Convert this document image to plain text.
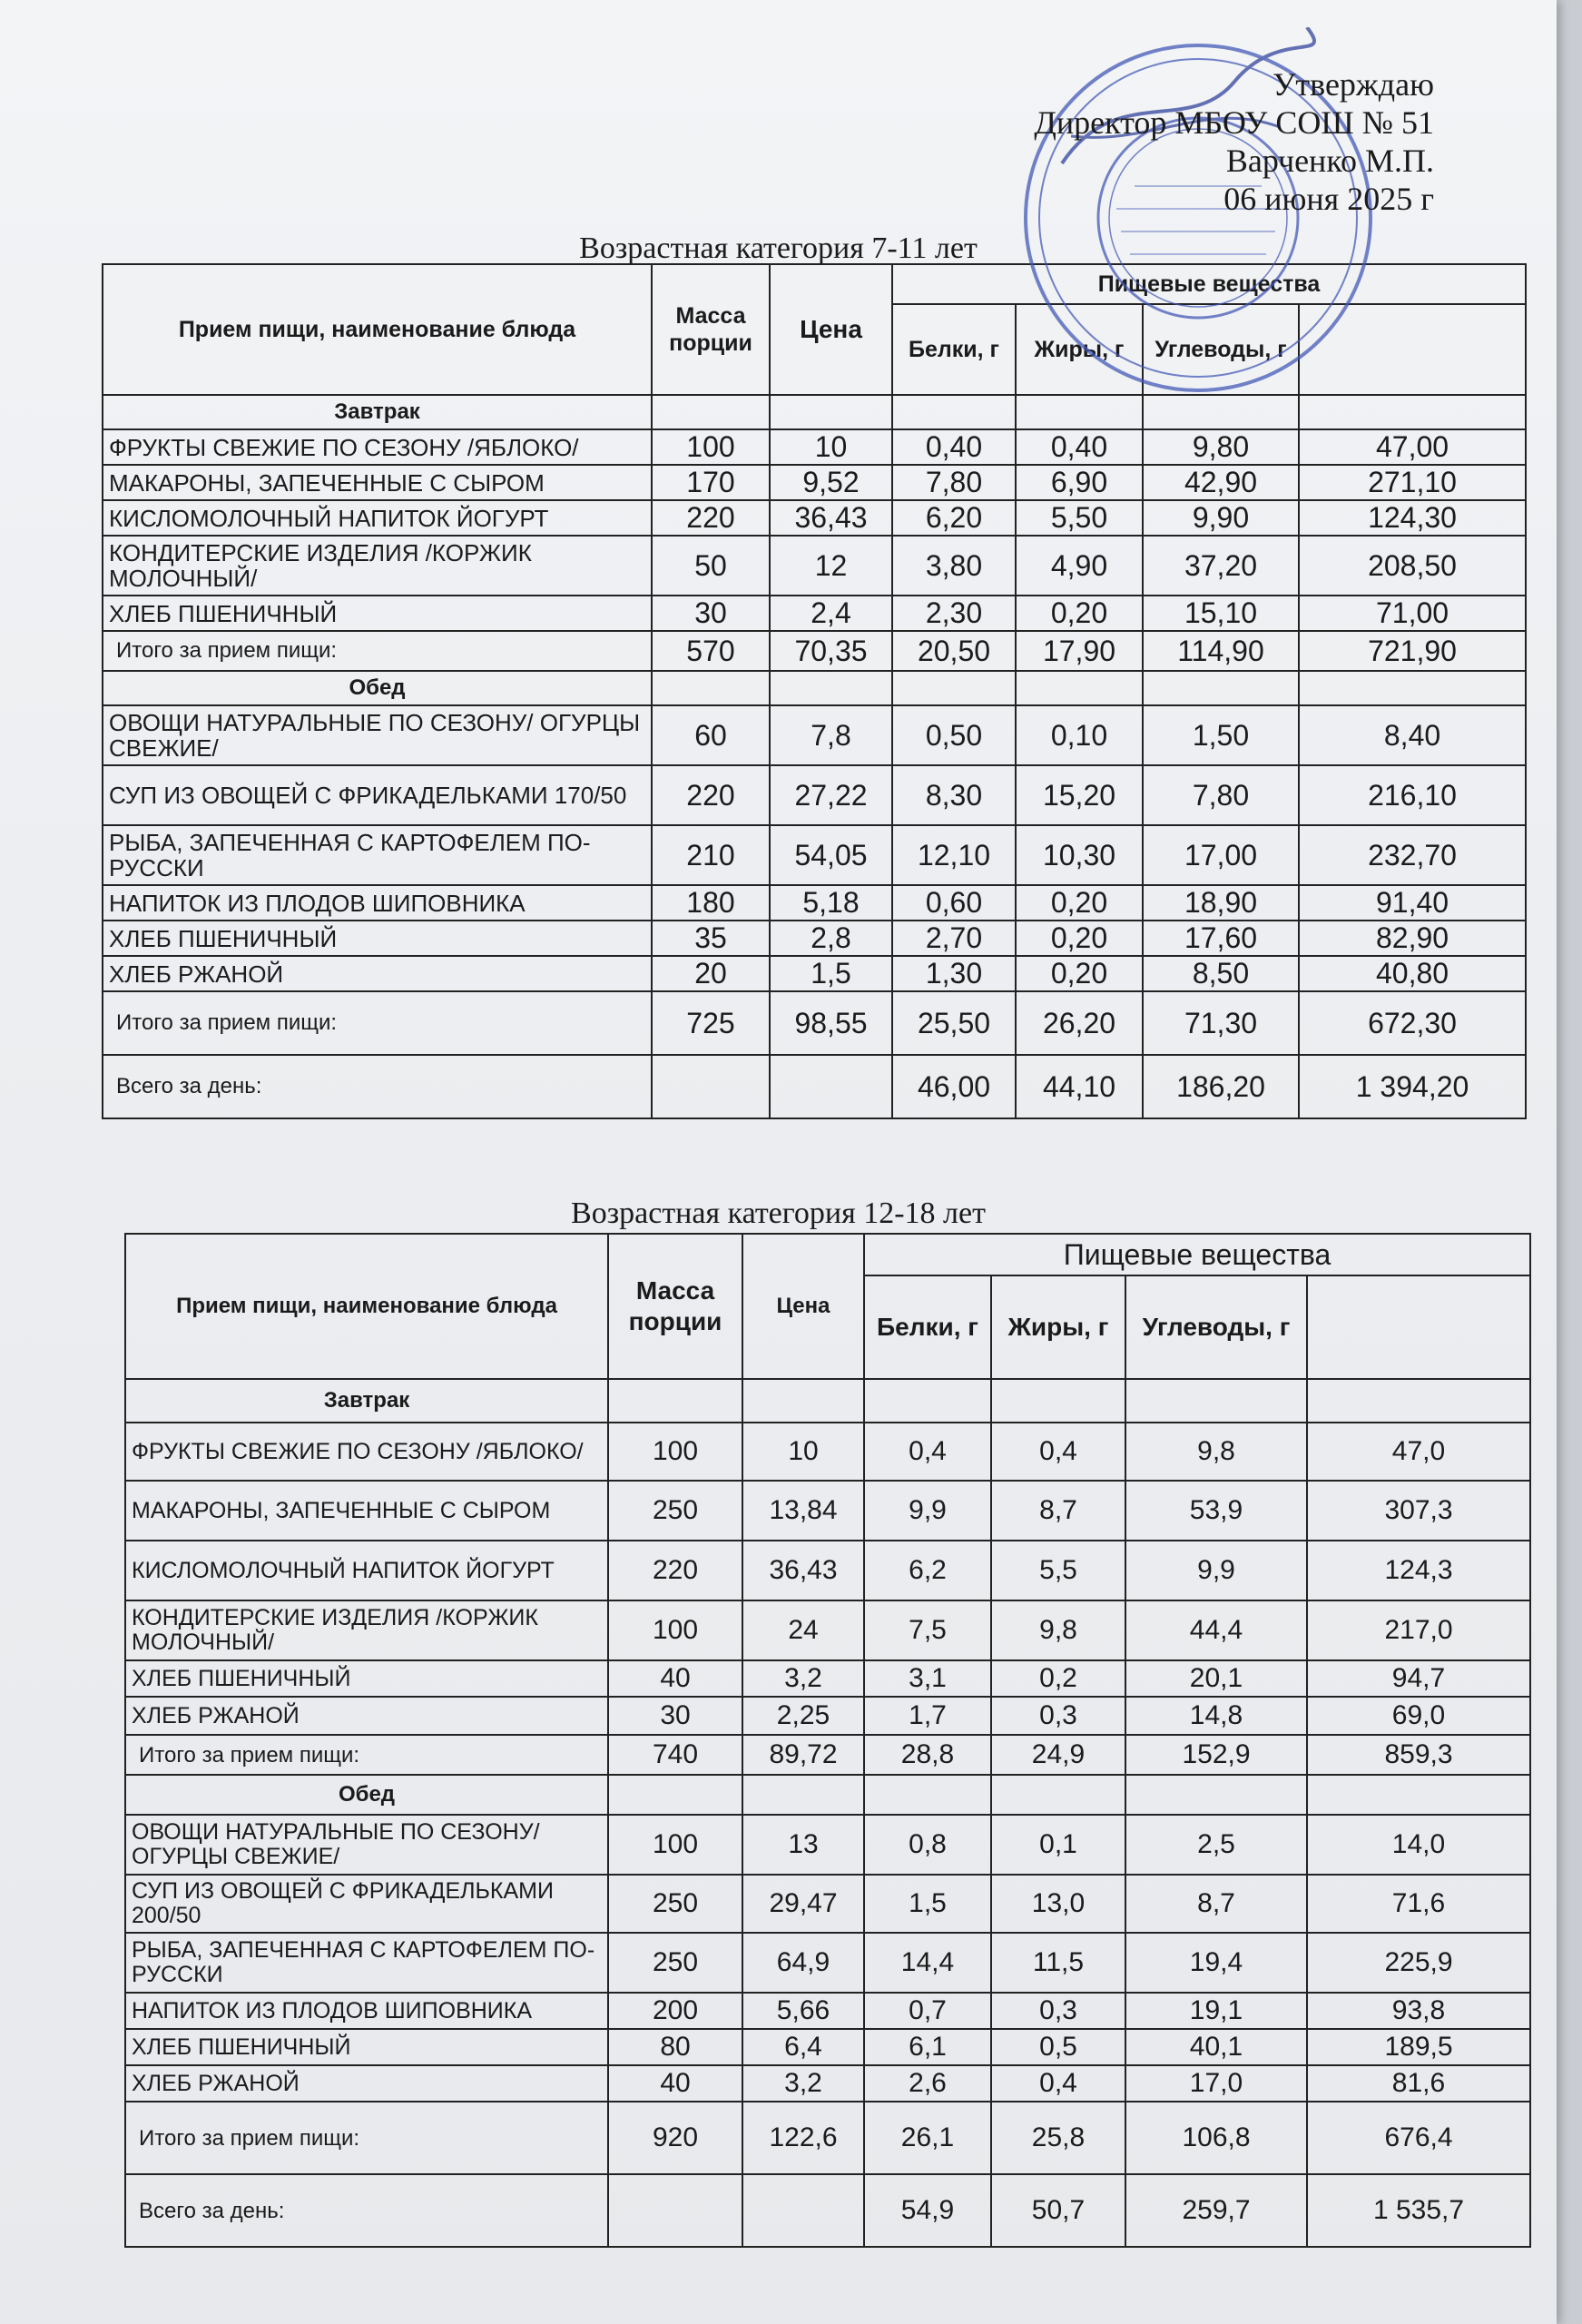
Утверждаю
Директор МБОУ СОШ № 51
Варченко М.П.
06 июня 2025 г
Возрастная категория 7-11 лет
Прием пищи, наименование блюда	Масса порции	Цена	Пищевые вещества	
			Белки, г	Жиры, г	Углеводы, г	
Завтрак							
ФРУКТЫ СВЕЖИЕ ПО СЕЗОНУ /ЯБЛОКО/	100	10	0,40	0,40	9,80	47,00	
МАКАРОНЫ, ЗАПЕЧЕННЫЕ С СЫРОМ	170	9,52	7,80	6,90	42,90	271,10	
КИСЛОМОЛОЧНЫЙ НАПИТОК ЙОГУРТ	220	36,43	6,20	5,50	9,90	124,30	
КОНДИТЕРСКИЕ ИЗДЕЛИЯ /КОРЖИК МОЛОЧНЫЙ/	50	12	3,80	4,90	37,20	208,50	
ХЛЕБ ПШЕНИЧНЫЙ	30	2,4	2,30	0,20	15,10	71,00	
Итого за прием пищи:	570	70,35	20,50	17,90	114,90	721,90	
Обед							
ОВОЩИ НАТУРАЛЬНЫЕ ПО СЕЗОНУ/ ОГУРЦЫ СВЕЖИЕ/	60	7,8	0,50	0,10	1,50	8,40	
СУП ИЗ ОВОЩЕЙ С ФРИКАДЕЛЬКАМИ 170/50	220	27,22	8,30	15,20	7,80	216,10	
РЫБА, ЗАПЕЧЕННАЯ С КАРТОФЕЛЕМ ПО-РУССКИ	210	54,05	12,10	10,30	17,00	232,70	
НАПИТОК ИЗ ПЛОДОВ ШИПОВНИКА	180	5,18	0,60	0,20	18,90	91,40	
ХЛЕБ ПШЕНИЧНЫЙ	35	2,8	2,70	0,20	17,60	82,90	
ХЛЕБ РЖАНОЙ	20	1,5	1,30	0,20	8,50	40,80	
Итого за прием пищи:	725	98,55	25,50	26,20	71,30	672,30	
Всего за день:			46,00	44,10	186,20	1 394,20	
Возрастная категория 12-18 лет
Прием пищи, наименование блюда	Масса порции	Цена	Пищевые вещества	
			Белки, г	Жиры, г	Углеводы, г	
Завтрак							
ФРУКТЫ СВЕЖИЕ ПО СЕЗОНУ /ЯБЛОКО/	100	10	0,4	0,4	9,8	47,0	
МАКАРОНЫ, ЗАПЕЧЕННЫЕ С СЫРОМ	250	13,84	9,9	8,7	53,9	307,3	
КИСЛОМОЛОЧНЫЙ НАПИТОК ЙОГУРТ	220	36,43	6,2	5,5	9,9	124,3	
КОНДИТЕРСКИЕ ИЗДЕЛИЯ /КОРЖИК МОЛОЧНЫЙ/	100	24	7,5	9,8	44,4	217,0	
ХЛЕБ ПШЕНИЧНЫЙ	40	3,2	3,1	0,2	20,1	94,7	
ХЛЕБ РЖАНОЙ	30	2,25	1,7	0,3	14,8	69,0	
Итого за прием пищи:	740	89,72	28,8	24,9	152,9	859,3	
Обед							
ОВОЩИ НАТУРАЛЬНЫЕ ПО СЕЗОНУ/ ОГУРЦЫ СВЕЖИЕ/	100	13	0,8	0,1	2,5	14,0	
СУП ИЗ ОВОЩЕЙ С ФРИКАДЕЛЬКАМИ 200/50	250	29,47	1,5	13,0	8,7	71,6	
РЫБА, ЗАПЕЧЕННАЯ С КАРТОФЕЛЕМ ПО-РУССКИ	250	64,9	14,4	11,5	19,4	225,9	
НАПИТОК ИЗ ПЛОДОВ ШИПОВНИКА	200	5,66	0,7	0,3	19,1	93,8	
ХЛЕБ ПШЕНИЧНЫЙ	80	6,4	6,1	0,5	40,1	189,5	
ХЛЕБ РЖАНОЙ	40	3,2	2,6	0,4	17,0	81,6	
Итого за прием пищи:	920	122,6	26,1	25,8	106,8	676,4	
Всего за день:			54,9	50,7	259,7	1 535,7	
